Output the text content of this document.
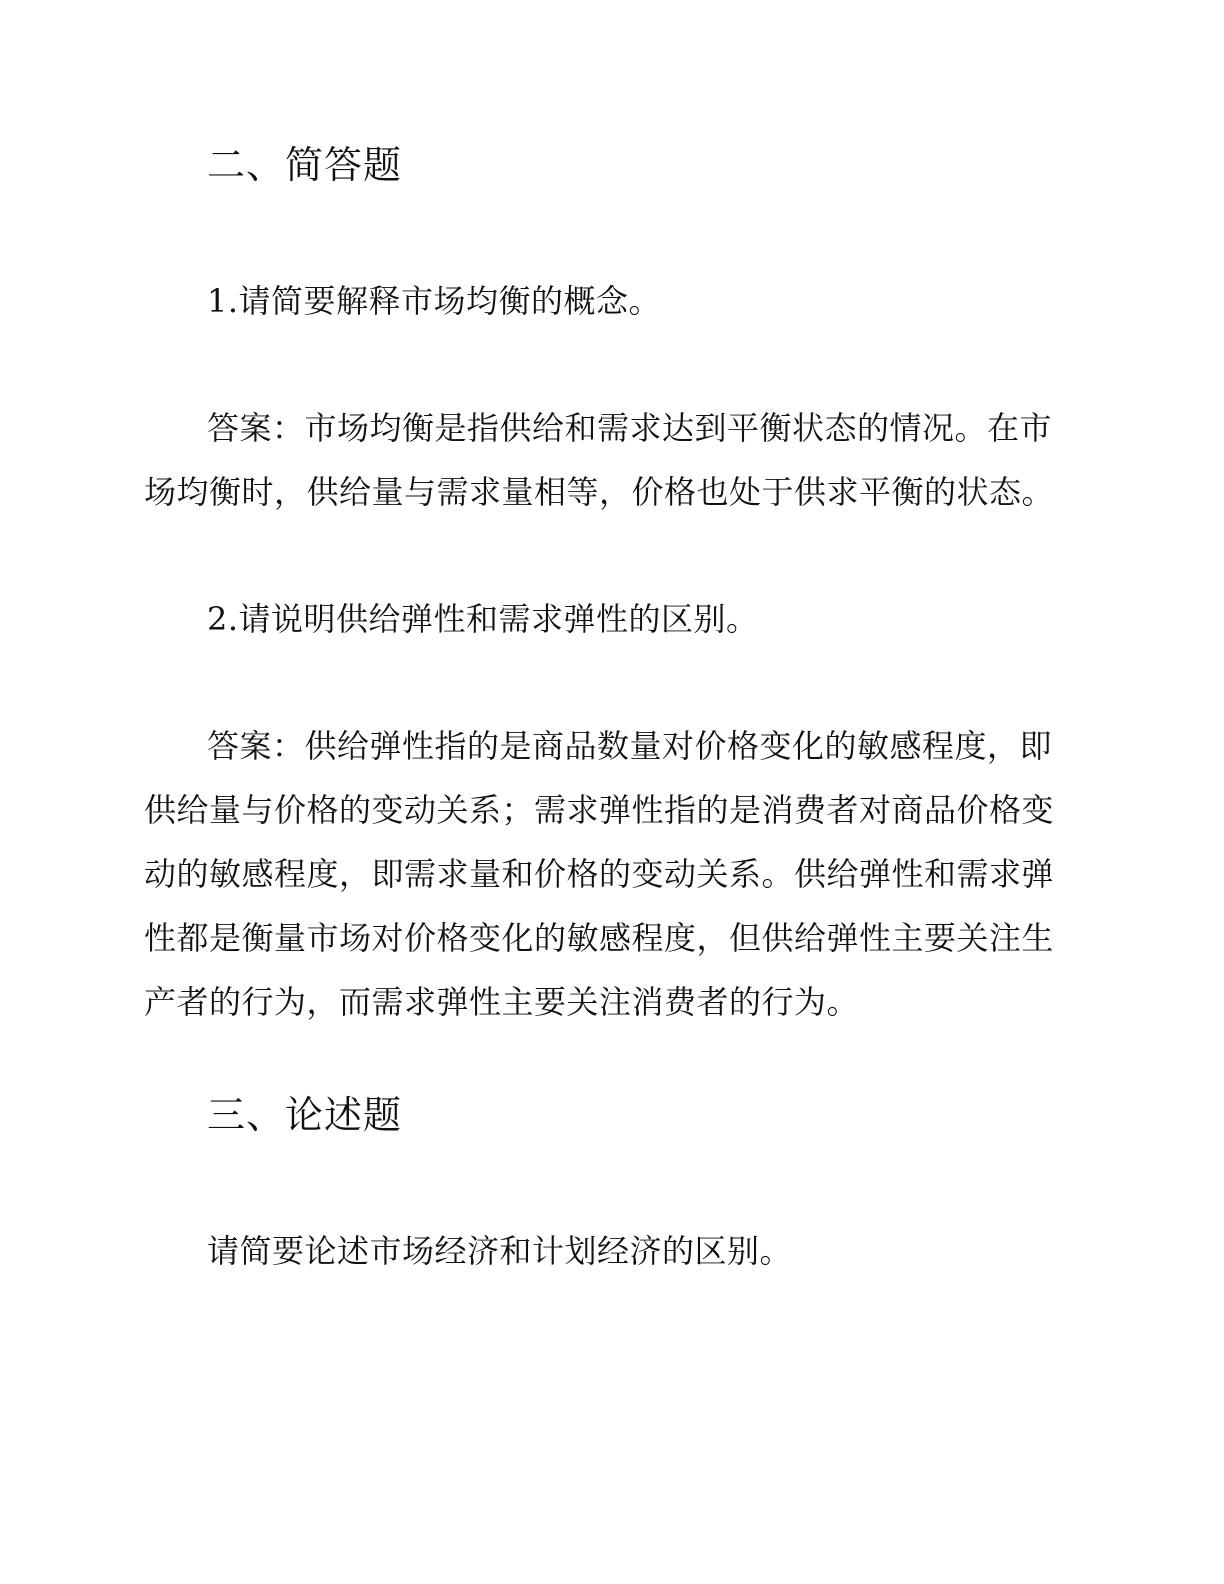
二、简答题

1.请简要解释市场均衡的概念。

答案：市场均衡是指供给和需求达到平衡状态的情况。在市场均衡时，供给量与需求量相等，价格也处于供求平衡的状态。

2.请说明供给弹性和需求弹性的区别。

答案：供给弹性指的是商品数量对价格变化的敏感程度，即供给量与价格的变动关系；需求弹性指的是消费者对商品价格变动的敏感程度，即需求量和价格的变动关系。供给弹性和需求弹性都是衡量市场对价格变化的敏感程度，但供给弹性主要关注生产者的行为，而需求弹性主要关注消费者的行为。

三、论述题

请简要论述市场经济和计划经济的区别。
